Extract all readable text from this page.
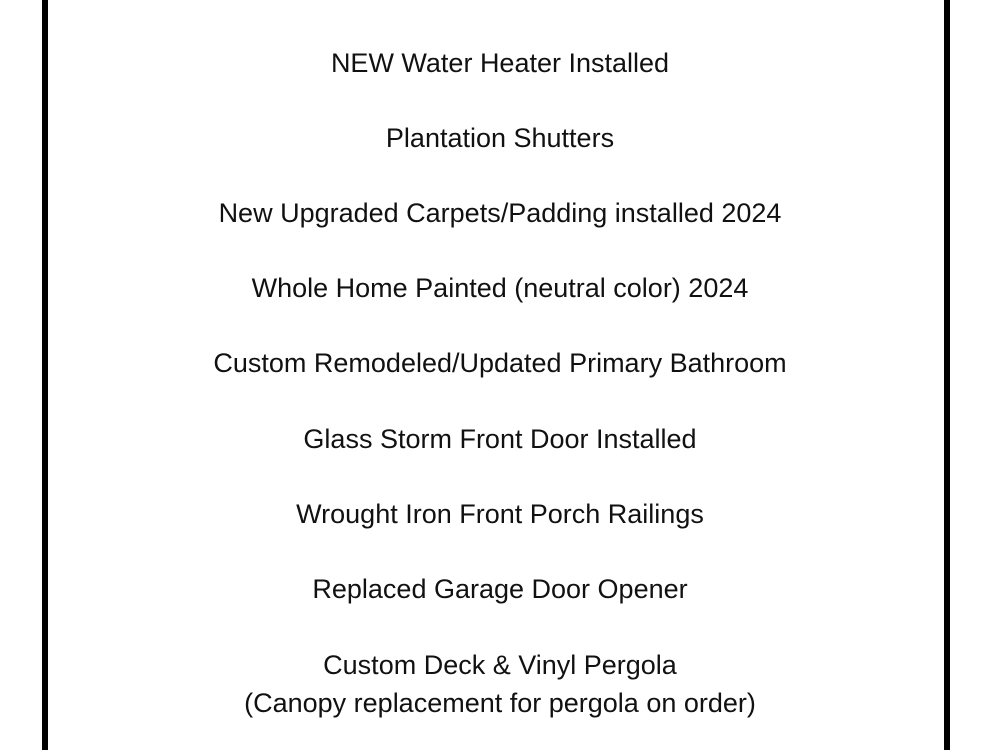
NEW Water Heater Installed
Plantation Shutters
New Upgraded Carpets/Padding installed 2024
Whole Home Painted (neutral color) 2024
Custom Remodeled/Updated Primary Bathroom
Glass Storm Front Door Installed
Wrought Iron Front Porch Railings
Replaced Garage Door Opener
Custom Deck & Vinyl Pergola
(Canopy replacement for pergola on order)
